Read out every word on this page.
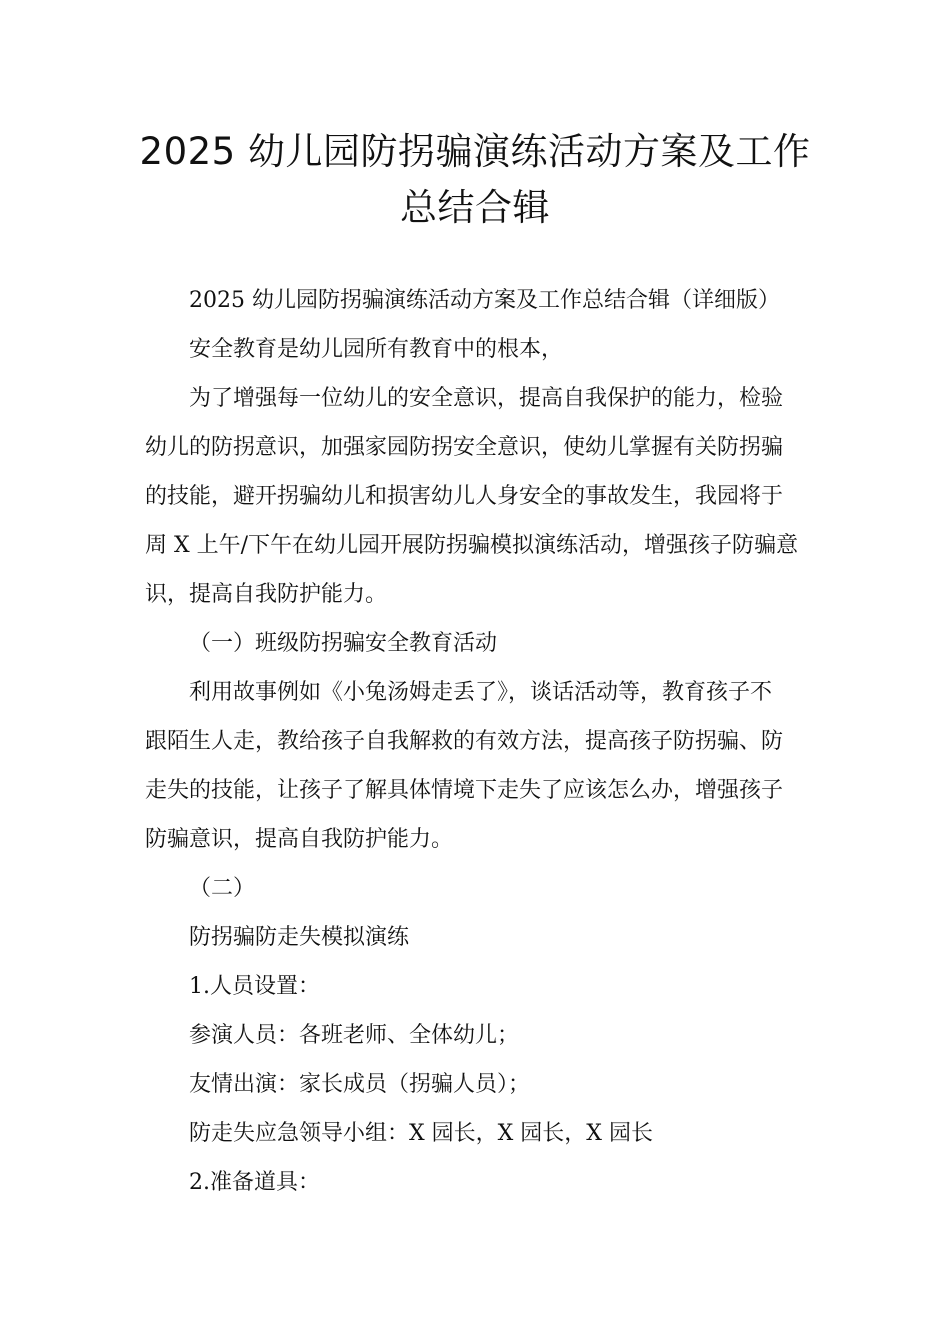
2025 幼儿园防拐骗演练活动方案及工作
总结合辑

2025 幼儿园防拐骗演练活动方案及工作总结合辑（详细版）

安全教育是幼儿园所有教育中的根本，

为了增强每一位幼儿的安全意识，提高自我保护的能力，检验
幼儿的防拐意识，加强家园防拐安全意识，使幼儿掌握有关防拐骗
的技能，避开拐骗幼儿和损害幼儿人身安全的事故发生，我园将于
周 X 上午/下午在幼儿园开展防拐骗模拟演练活动，增强孩子防骗意
识，提高自我防护能力。

（一）班级防拐骗安全教育活动

利用故事例如《小兔汤姆走丢了》，谈话活动等，教育孩子不
跟陌生人走，教给孩子自我解救的有效方法，提高孩子防拐骗、防
走失的技能，让孩子了解具体情境下走失了应该怎么办，增强孩子
防骗意识，提高自我防护能力。

（二）

防拐骗防走失模拟演练

1.人员设置：

参演人员：各班老师、全体幼儿；

友情出演：家长成员（拐骗人员）；

防走失应急领导小组：X 园长，X 园长，X 园长

2.准备道具：
